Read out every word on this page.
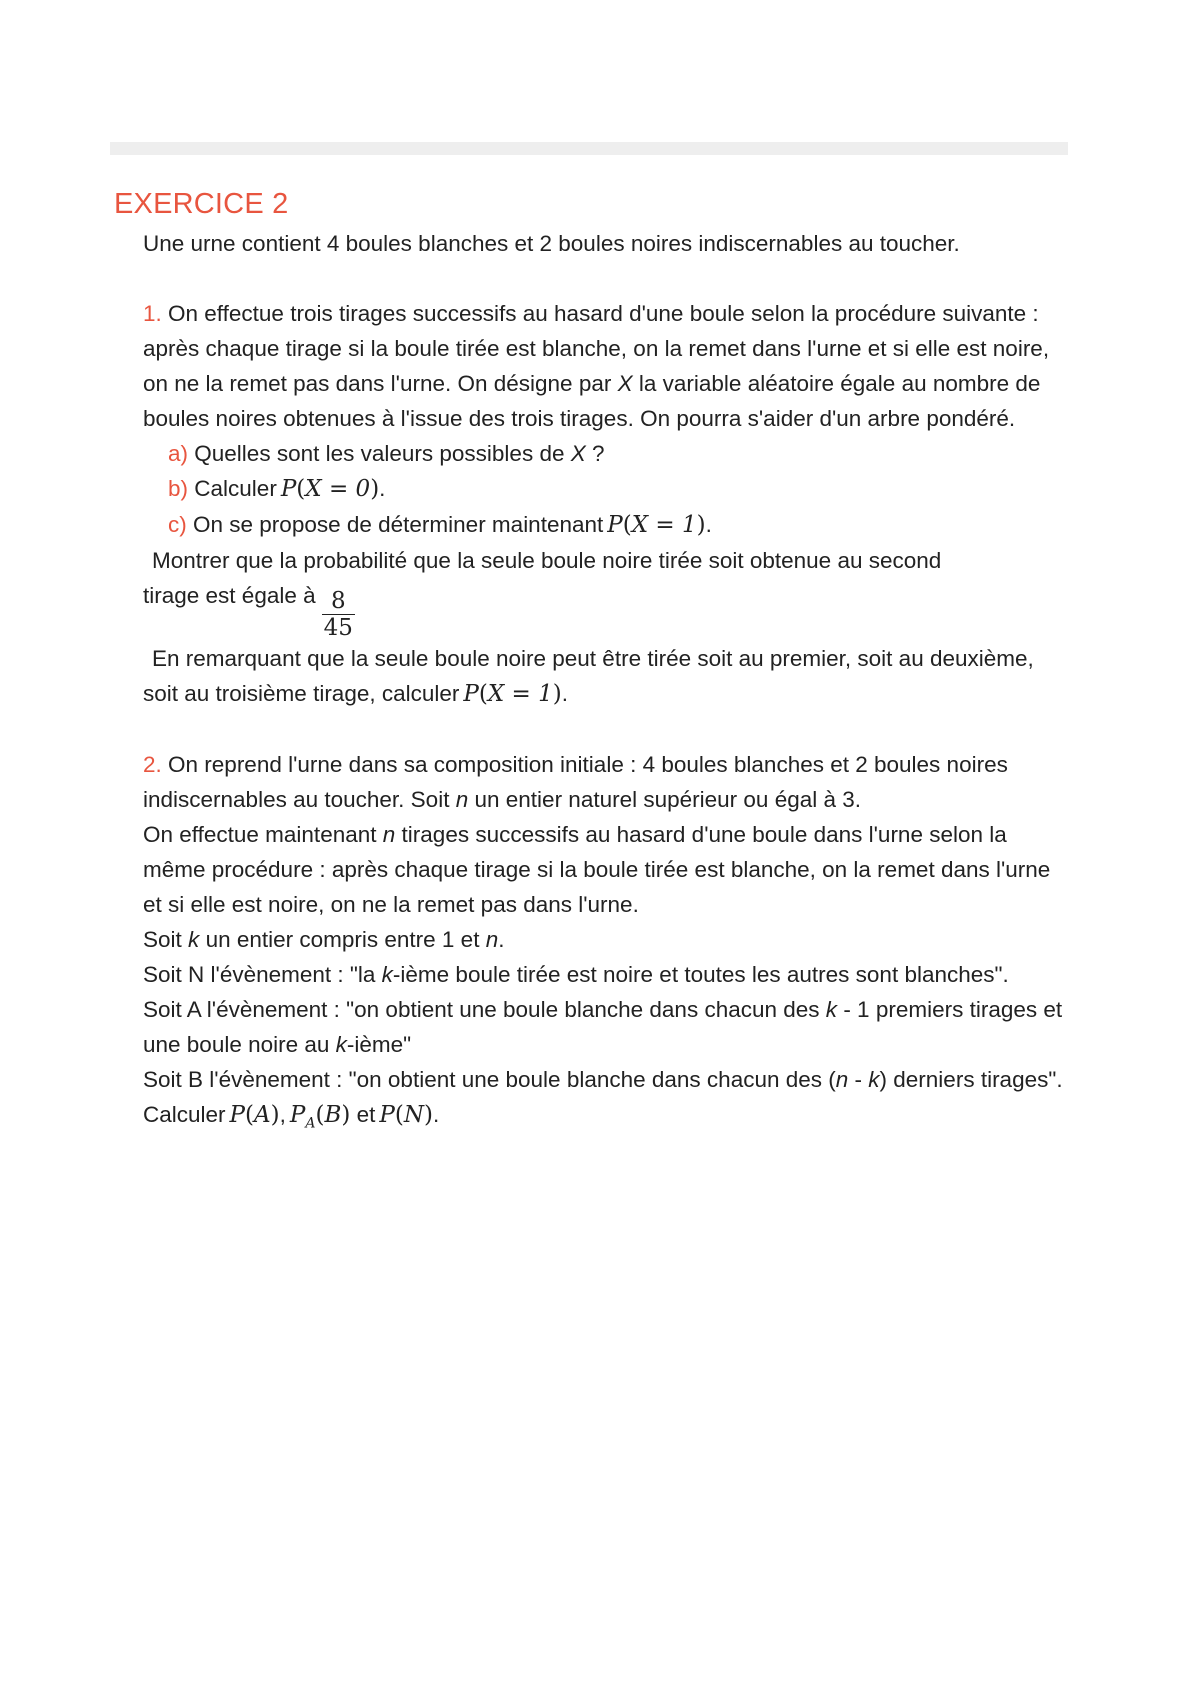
EXERCICE 2

Une urne contient 4 boules blanches et 2 boules noires indiscernables au toucher.

1. On effectue trois tirages successifs au hasard d'une boule selon la procédure suivante : après chaque tirage si la boule tirée est blanche, on la remet dans l'urne et si elle est noire, on ne la remet pas dans l'urne. On désigne par X la variable aléatoire égale au nombre de boules noires obtenues à l'issue des trois tirages. On pourra s'aider d'un arbre pondéré.

a) Quelles sont les valeurs possibles de X ?

b) Calculer P(X = 0).

c) On se propose de déterminer maintenant P(X = 1).

Montrer que la probabilité que la seule boule noire tirée soit obtenue au second

tirage est égale à $\frac{8}{45}$

En remarquant que la seule boule noire peut être tirée soit au premier, soit au deuxième, soit au troisième tirage, calculer P(X = 1).

2. On reprend l'urne dans sa composition initiale : 4 boules blanches et 2 boules noires indiscernables au toucher. Soit n un entier naturel supérieur ou égal à 3.

On effectue maintenant n tirages successifs au hasard d'une boule dans l'urne selon la même procédure : après chaque tirage si la boule tirée est blanche, on la remet dans l'urne et si elle est noire, on ne la remet pas dans l'urne.

Soit k un entier compris entre 1 et n.

Soit N l'évènement : "la k-ième boule tirée est noire et toutes les autres sont blanches".

Soit A l'évènement : "on obtient une boule blanche dans chacun des k - 1 premiers tirages et une boule noire au k-ième"

Soit B l'évènement : "on obtient une boule blanche dans chacun des (n - k) derniers tirages".

Calculer P(A), $P_A(B)$ et P(N).
